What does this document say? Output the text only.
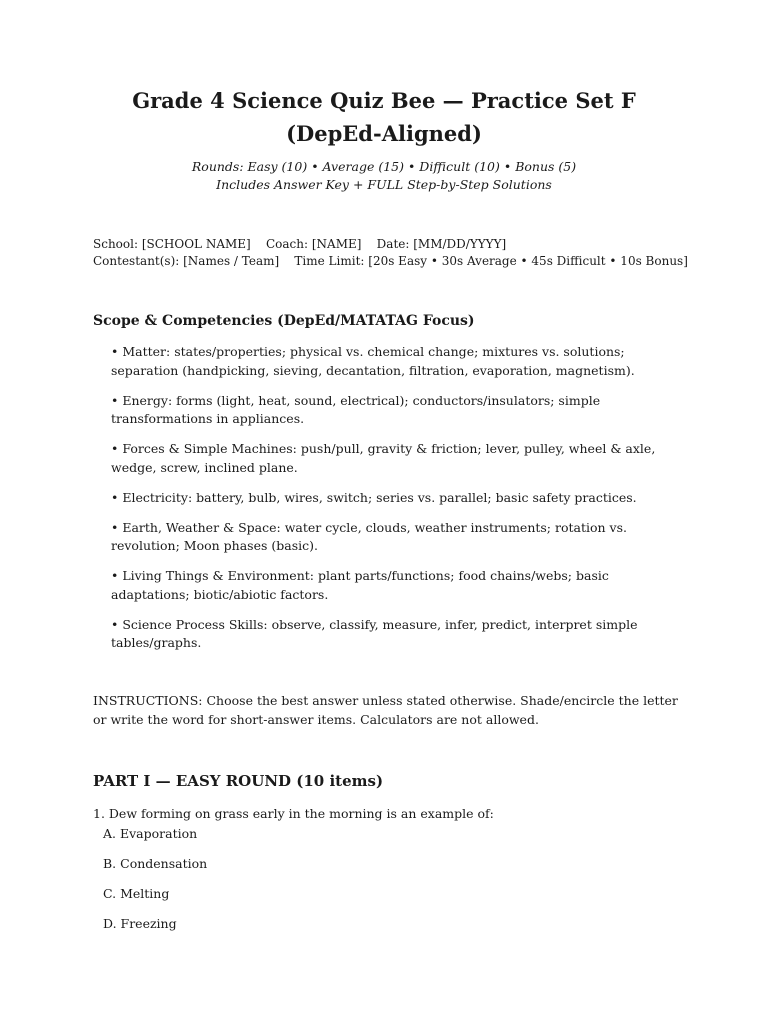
Grade 4 Science Quiz Bee — Practice Set F (DepEd-Aligned)
Rounds: Easy (10) • Average (15) • Difficult (10) • Bonus (5)
Includes Answer Key + FULL Step-by-Step Solutions
School: [SCHOOL NAME]    Coach: [NAME]    Date: [MM/DD/YYYY]
Contestant(s): [Names / Team]    Time Limit: [20s Easy • 30s Average • 45s Difficult • 10s Bonus]
Scope & Competencies (DepEd/MATATAG Focus)
• Matter: states/properties; physical vs. chemical change; mixtures vs. solutions; separation (handpicking, sieving, decantation, filtration, evaporation, magnetism).
• Energy: forms (light, heat, sound, electrical); conductors/insulators; simple transformations in appliances.
• Forces & Simple Machines: push/pull, gravity & friction; lever, pulley, wheel & axle, wedge, screw, inclined plane.
• Electricity: battery, bulb, wires, switch; series vs. parallel; basic safety practices.
• Earth, Weather & Space: water cycle, clouds, weather instruments; rotation vs. revolution; Moon phases (basic).
• Living Things & Environment: plant parts/functions; food chains/webs; basic adaptations; biotic/abiotic factors.
• Science Process Skills: observe, classify, measure, infer, predict, interpret simple tables/graphs.
INSTRUCTIONS: Choose the best answer unless stated otherwise. Shade/encircle the letter or write the word for short-answer items. Calculators are not allowed.
PART I — EASY ROUND (10 items)
1. Dew forming on grass early in the morning is an example of:
A. Evaporation
B. Condensation
C. Melting
D. Freezing
